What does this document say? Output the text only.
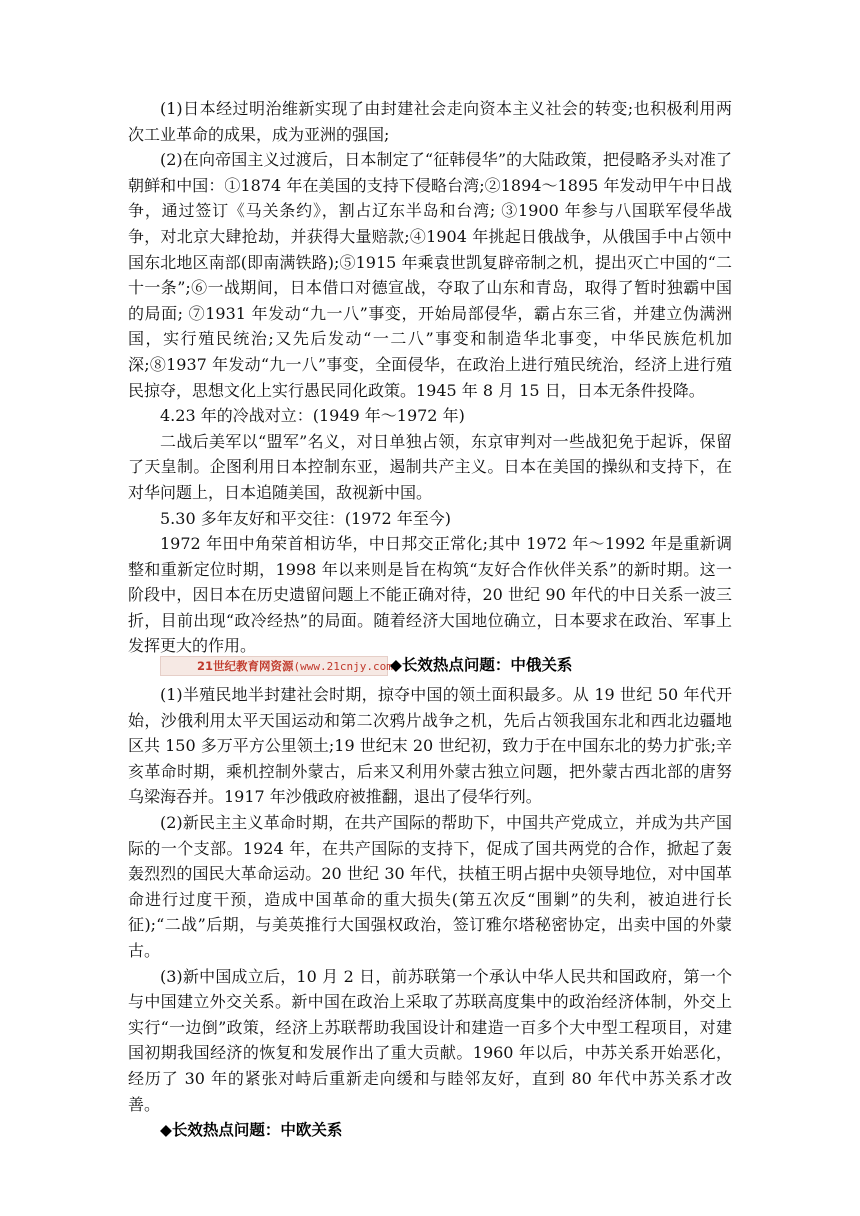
(1)日本经过明治维新实现了由封建社会走向资本主义社会的转变;也积极利用两次工业革命的成果，成为亚洲的强国;

(2)在向帝国主义过渡后，日本制定了“征韩侵华”的大陆政策，把侵略矛头对准了朝鲜和中国：①1874 年在美国的支持下侵略台湾;②1894～1895 年发动甲午中日战争，通过签订《马关条约》，割占辽东半岛和台湾; ③1900 年参与八国联军侵华战争，对北京大肆抢劫，并获得大量赔款;④1904 年挑起日俄战争，从俄国手中占领中国东北地区南部(即南满铁路);⑤1915 年乘袁世凯复辟帝制之机，提出灭亡中国的“二十一条”;⑥一战期间，日本借口对德宣战，夺取了山东和青岛，取得了暂时独霸中国的局面; ⑦1931 年发动“九一八”事变，开始局部侵华，霸占东三省，并建立伪满洲国，实行殖民统治;又先后发动“一二八”事变和制造华北事变，中华民族危机加深;⑧1937 年发动“九一八”事变，全面侵华，在政治上进行殖民统治，经济上进行殖民掠夺，思想文化上实行愚民同化政策。1945 年 8 月 15 日，日本无条件投降。

4.23 年的冷战对立：(1949 年～1972 年)

二战后美军以“盟军”名义，对日单独占领，东京审判对一些战犯免于起诉，保留了天皇制。企图利用日本控制东亚，遏制共产主义。日本在美国的操纵和支持下，在对华问题上，日本追随美国，敌视新中国。

5.30 多年友好和平交往：(1972 年至今)

1972 年田中角荣首相访华，中日邦交正常化;其中 1972 年～1992 年是重新调整和重新定位时期，1998 年以来则是旨在构筑“友好合作伙伴关系”的新时期。这一阶段中，因日本在历史遗留问题上不能正确对待，20 世纪 90 年代的中日关系一波三折，目前出现“政冷经热”的局面。随着经济大国地位确立，日本要求在政治、军事上发挥更大的作用。

21世纪教育网资源(www.21cnjy.com)◆长效热点问题：中俄关系

(1)半殖民地半封建社会时期，掠夺中国的领土面积最多。从 19 世纪 50 年代开始，沙俄利用太平天国运动和第二次鸦片战争之机，先后占领我国东北和西北边疆地区共 150 多万平方公里领土;19 世纪末 20 世纪初，致力于在中国东北的势力扩张;辛亥革命时期，乘机控制外蒙古，后来又利用外蒙古独立问题，把外蒙古西北部的唐努乌梁海吞并。1917 年沙俄政府被推翻，退出了侵华行列。

(2)新民主主义革命时期，在共产国际的帮助下，中国共产党成立，并成为共产国际的一个支部。1924 年，在共产国际的支持下，促成了国共两党的合作，掀起了轰轰烈烈的国民大革命运动。20 世纪 30 年代，扶植王明占据中央领导地位，对中国革命进行过度干预，造成中国革命的重大损失(第五次反“围剿”的失利，被迫进行长征);“二战”后期，与美英推行大国强权政治，签订雅尔塔秘密协定，出卖中国的外蒙古。

(3)新中国成立后，10 月 2 日，前苏联第一个承认中华人民共和国政府，第一个与中国建立外交关系。新中国在政治上采取了苏联高度集中的政治经济体制，外交上实行“一边倒”政策，经济上苏联帮助我国设计和建造一百多个大中型工程项目，对建国初期我国经济的恢复和发展作出了重大贡献。1960 年以后，中苏关系开始恶化，经历了 30 年的紧张对峙后重新走向缓和与睦邻友好，直到 80 年代中苏关系才改善。

◆长效热点问题：中欧关系
